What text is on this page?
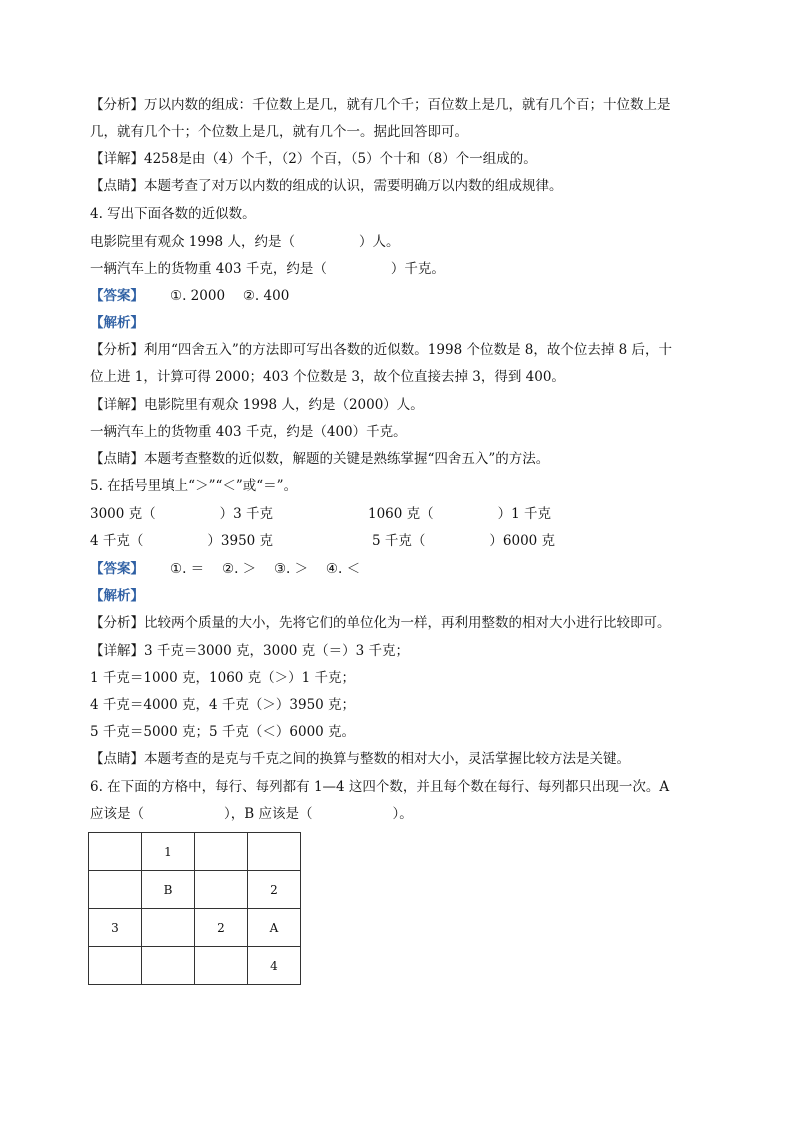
【分析】万以内数的组成：千位数上是几，就有几个千；百位数上是几，就有几个百；十位数上是
几，就有几个十；个位数上是几，就有几个一。据此回答即可。
【详解】4258是由（4）个千，（2）个百，（5）个十和（8）个一组成的。
【点睛】本题考查了对万以内数的组成的认识，需要明确万以内数的组成规律。
4. 写出下面各数的近似数。
电影院里有观众 1998 人，约是（	）人。
一辆汽车上的货物重 403 千克，约是（	）千克。
【答案】 ①. 2000　 ②. 400
【解析】
【分析】利用“四舍五入”的方法即可写出各数的近似数。1998 个位数是 8，故个位去掉 8 后，十
位上进 1，计算可得 2000；403 个位数是 3，故个位直接去掉 3，得到 400。
【详解】电影院里有观众 1998 人，约是（2000）人。
一辆汽车上的货物重 403 千克，约是（400）千克。
【点睛】本题考查整数的近似数，解题的关键是熟练掌握“四舍五入”的方法。
5. 在括号里填上“＞”“＜”或“＝”。
3000 克（	）3 千克	1060 克（	）1 千克
4 千克（	）3950 克	5 千克（	）6000 克
【答案】 ①. ＝　 ②. ＞　 ③. ＞　 ④. ＜
【解析】
【分析】比较两个质量的大小，先将它们的单位化为一样，再利用整数的相对大小进行比较即可。
【详解】3 千克＝3000 克，3000 克（＝）3 千克；
1 千克＝1000 克，1060 克（＞）1 千克；
4 千克＝4000 克，4 千克（＞）3950 克；
5 千克＝5000 克；5 千克（＜）6000 克。
【点睛】本题考查的是克与千克之间的换算与整数的相对大小，灵活掌握比较方法是关键。
6. 在下面的方格中，每行、每列都有 1—4 这四个数，并且每个数在每行、每列都只出现一次。A
应该是（	），B 应该是（	）。
	1		
	B		2
3		2	A
			4
